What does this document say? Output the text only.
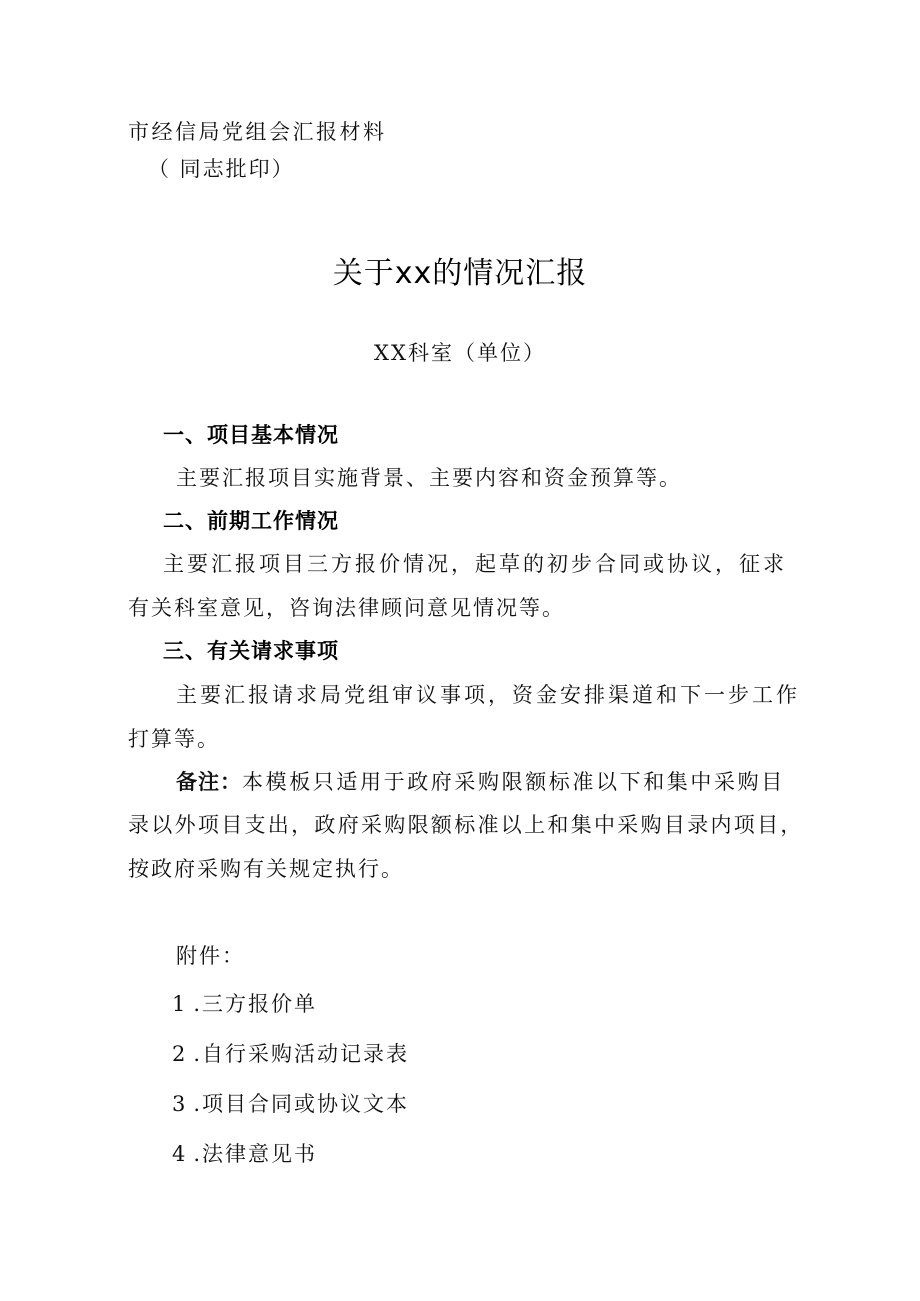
市经信局党组会汇报材料
（ 同志批印）
关于xx的情况汇报
XX科室（单位）
一、项目基本情况
主要汇报项目实施背景、主要内容和资金预算等。
二、前期工作情况
主要汇报项目三方报价情况，起草的初步合同或协议，征求
有关科室意见，咨询法律顾问意见情况等。
三、有关请求事项
主要汇报请求局党组审议事项，资金安排渠道和下一步工作
打算等。
备注：本模板只适用于政府采购限额标准以下和集中采购目
录以外项目支出，政府采购限额标准以上和集中采购目录内项目，
按政府采购有关规定执行。
附件：
1 .三方报价单
2 .自行采购活动记录表
3 .项目合同或协议文本
4 .法律意见书
